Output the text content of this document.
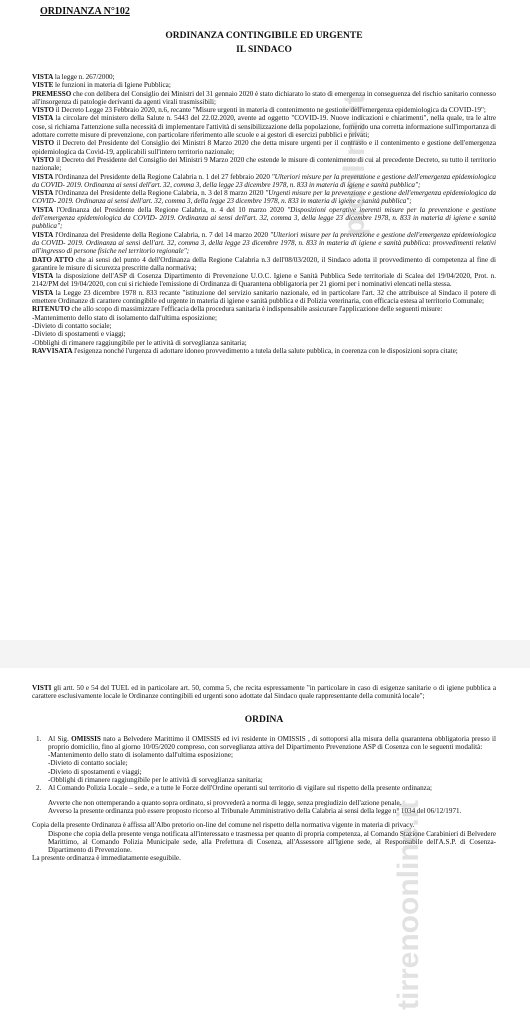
ORDINANZA N°102

ORDINANZA CONTINGIBILE ED URGENTE

IL SINDACO

VISTA la legge n. 267/2000;

VISTE le funzioni in materia di Igiene Pubblica;

PREMESSO che con delibera del Consiglio dei Ministri del 31 gennaio 2020 è stato dichiarato lo stato di emergenza in conseguenza del rischio sanitario connesso all'insorgenza di patologie derivanti da agenti virali trasmissibili;

VISTO il Decreto Legge 23 Febbraio 2020, n.6, recante "Misure urgenti in materia di contenimento ne gestione dell'emergenza epidemiologica da COVID-19";

VISTA la circolare del ministero della Salute n. 5443 del 22.02.2020, avente ad oggetto "COVID-19. Nuove indicazioni e chiarimenti", nella quale, tra le altre cose, si richiama l'attenzione sulla necessità di implementare l'attività di sensibilizzazione della popolazione, fornendo una corretta informazione sull'importanza di adottare corrette misure di prevenzione, con particolare riferimento alle scuole e ai gestori di esercizi pubblici e privati;

VISTO il Decreto del Presidente del Consiglio dei Ministri 8 Marzo 2020 che detta misure urgenti per il contrasto e il contenimento e gestione dell'emergenza epidemiologica da Covid-19, applicabili sull'intero territorio nazionale;

VISTO il Decreto del Presidente del Consiglio dei Ministri 9 Marzo 2020 che estende le misure di contenimento di cui al precedente Decreto, su tutto il territorio nazionale;

VISTA l'Ordinanza del Presidente della Regione Calabria n. 1 del 27 febbraio 2020 "Ulteriori misure per la prevenzione e gestione dell'emergenza epidemiologica da COVID- 2019. Ordinanza ai sensi dell'art. 32, comma 3, della legge 23 dicembre 1978, n. 833 in materia di igiene e sanità pubblica";

VISTA l'Ordinanza del Presidente della Regione Calabria, n. 3 del 8 marzo 2020 "Urgenti misure per la prevenzione e gestione dell'emergenza epidemiologica da COVID- 2019. Ordinanza ai sensi dell'art. 32, comma 3, della legge 23 dicembre 1978, n. 833 in materia di igiene e sanità pubblica";

VISTA l'Ordinanza del Presidente della Regione Calabria, n. 4 del 10 marzo 2020 "Disposizioni operative inerenti misure per la prevenzione e gestione dell'emergenza epidemiologica da COVID- 2019. Ordinanza ai sensi dell'art. 32, comma 3, della legge 23 dicembre 1978, n. 833 in materia di igiene e sanità pubblica";

VISTA l'Ordinanza del Presidente della Regione Calabria, n. 7 del 14 marzo 2020 "Ulteriori misure per la prevenzione e gestione dell'emergenza epidemiologica da COVID- 2019. Ordinanza ai sensi dell'art. 32, comma 3, della legge 23 dicembre 1978, n. 833 in materia di igiene e sanità pubblica: provvedimenti relativi all'ingresso di persone fisiche nel territorio regionale";

DATO ATTO che ai sensi del punto 4 dell'Ordinanza della Regione Calabria n.3 dell'08/03/2020, il Sindaco adotta il provvedimento di competenza al fine di garantire le misure di sicurezza prescritte dalla normativa;

VISTA la disposizione dell'ASP di Cosenza Dipartimento di Prevenzione U.O.C. Igiene e Sanità Pubblica Sede territoriale di Scalea del 19/04/2020, Prot. n. 2142/PM del 19/04/2020, con cui si richiede l'emissione di Ordinanza di Quarantena obbligatoria per 21 giorni per i nominativi elencati nella stessa.

VISTA la Legge 23 dicembre 1978 n. 833 recante "istituzione del servizio sanitario nazionale, ed in particolare l'art. 32 che attribuisce al Sindaco il potere di emettere Ordinanze di carattere contingibile ed urgente in materia di igiene e sanità pubblica e di Polizia veterinaria, con efficacia estesa al territorio Comunale;

RITENUTO che allo scopo di massimizzare l'efficacia della procedura sanitaria è indispensabile assicurare l'applicazione delle seguenti misure:

-Mantenimento dello stato di isolamento dall'ultima esposizione;
-Divieto di contatto sociale;
-Divieto di spostamenti e viaggi;
-Obblighi di rimanere raggiungibile per le attività di sorveglianza sanitaria;

RAVVISATA l'esigenza nonché l'urgenza di adottare idoneo provvedimento a tutela della salute pubblica, in coerenza con le disposizioni sopra citate;

VISTI gli artt. 50 e 54 del TUEL ed in particolare art. 50, comma 5, che recita espressamente "in particolare in caso di esigenze sanitarie o di igiene pubblica a carattere esclusivamente locale le Ordinanze contingibili ed urgenti sono adottate dal Sindaco quale rappresentante della comunità locale";

ORDINA

1. Al Sig. OMISSIS nato a Belvedere Marittimo il OMISSIS ed ivi residente in OMISSIS , di sottoporsi alla misura della quarantena obbligatoria presso il proprio domicilio, fino al giorno 10/05/2020 compreso, con sorveglianza attiva del Dipartimento Prevenzione ASP di Cosenza con le seguenti modalità:
-Mantenimento dello stato di isolamento dall'ultima esposizione;
-Divieto di contatto sociale;
-Divieto di spostamenti e viaggi;
-Obblighi di rimanere raggiungibile per le attività di sorveglianza sanitaria;
2. Al Comando Polizia Locale – sede, e a tutte le Forze dell'Ordine operanti sul territorio di vigilare sul rispetto della presente ordinanza;

Avverte che non ottemperando a quanto sopra ordinato, si provvederà a norma di legge, senza pregiudizio dell'azione penale.

Avverso la presente ordinanza può essere proposto ricorso al Tribunale Amministrativo della Calabria ai sensi della legge n° 1034 del 06/12/1971.

Copia della presente Ordinanza è affissa all'Albo pretorio on-line del comune nel rispetto della normativa vigente in materia di privacy.

Dispone che copia della presente venga notificata all'interessato e trasmessa per quanto di propria competenza, al Comando Stazione Carabinieri di Belvedere Marittimo, al Comando Polizia Municipale sede, alla Prefettura di Cosenza, all'Assessore all'Igiene sede, al Responsabile dell'A.S.P. di Cosenza-Dipartimento di Prevenzione.

La presente ordinanza è immediatamente eseguibile.

pionline.it
tirrenoonline.it
